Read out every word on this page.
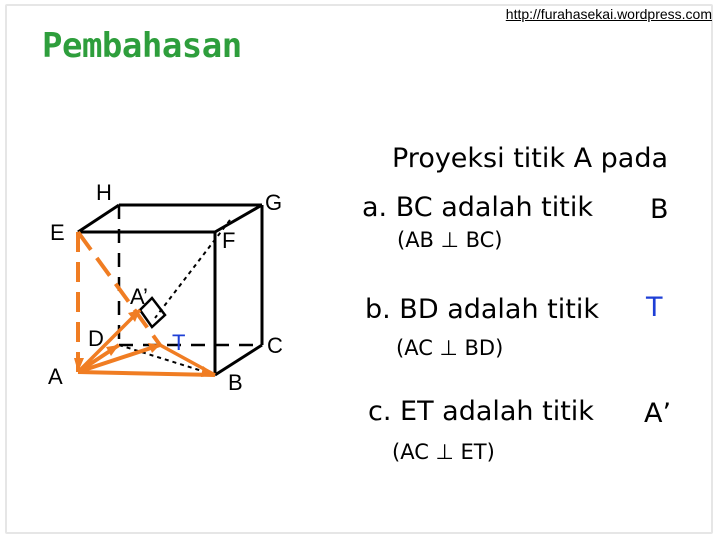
http://furahasekai.wordpress.com
Pembahasan
H	G
E	F
A’
D	T	C
A	B
Proyeksi titik A pada
a. BC adalah titik B
(AB ⊥ BC)
b. BD adalah titik T
(AC ⊥ BD)
c. ET adalah titik A’
(AC ⊥ ET)
